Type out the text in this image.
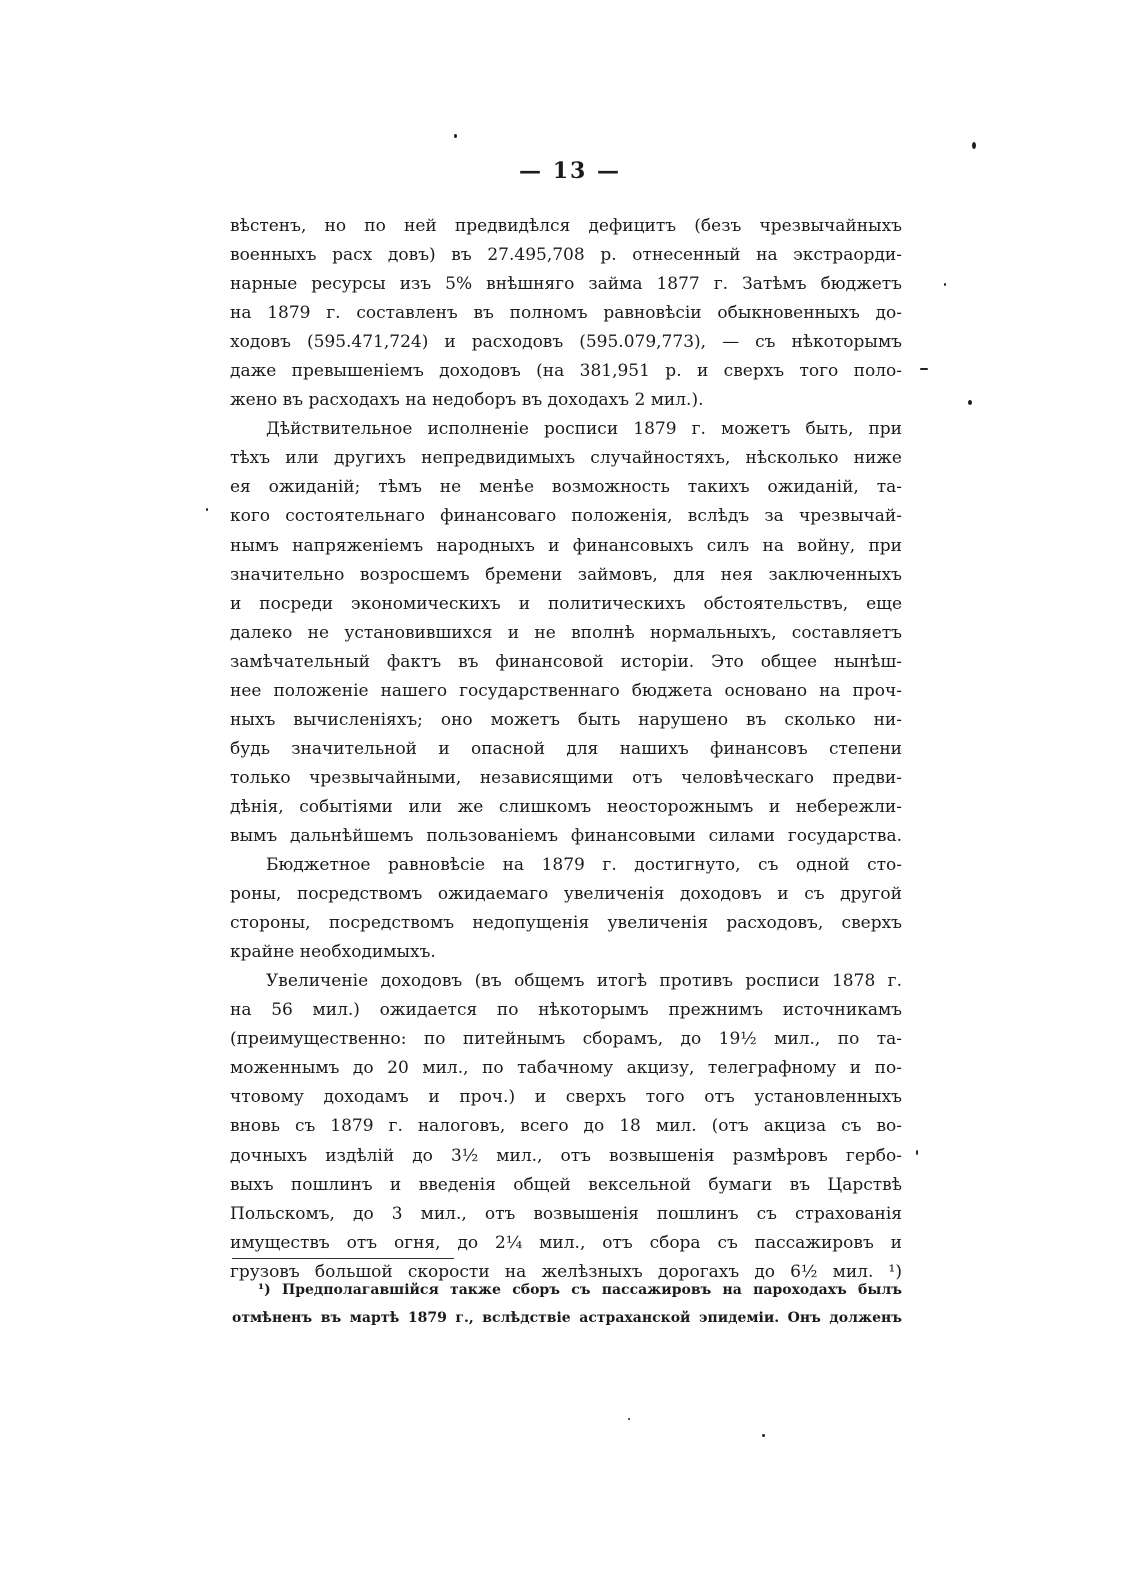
— 13 —
вѣстенъ, но по ней предвидѣлся дефицитъ (безъ чрезвычайныхъ
военныхъ расх довъ) въ 27.495,708 р. отнесенный на экстраорди-
нарные ресурсы изъ 5% внѣшняго займа 1877 г. Затѣмъ бюджетъ
на 1879 г. составленъ въ полномъ равновѣсіи обыкновенныхъ до-
ходовъ (595.471,724) и расходовъ (595.079,773), — съ нѣкоторымъ
даже превышеніемъ доходовъ (на 381,951 р. и сверхъ того поло-
жено въ расходахъ на недоборъ въ доходахъ 2 мил.).
Дѣйствительное исполненіе росписи 1879 г. можетъ быть, при
тѣхъ или другихъ непредвидимыхъ случайностяхъ, нѣсколько ниже
ея ожиданій; тѣмъ не менѣе возможность такихъ ожиданій, та-
кого состоятельнаго финансоваго положенія, вслѣдъ за чрезвычай-
нымъ напряженіемъ народныхъ и финансовыхъ силъ на войну, при
значительно возросшемъ бремени займовъ, для нея заключенныхъ
и посреди экономическихъ и политическихъ обстоятельствъ, еще
далеко не установившихся и не вполнѣ нормальныхъ, составляетъ
замѣчательный фактъ въ финансовой исторіи. Это общее нынѣш-
нее положеніе нашего государственнаго бюджета основано на проч-
ныхъ вычисленіяхъ; оно можетъ быть нарушено въ сколько ни-
будь значительной и опасной для нашихъ финансовъ степени
только чрезвычайными, независящими отъ человѣческаго предви-
дѣнія, событіями или же слишкомъ неосторожнымъ и небережли-
вымъ дальнѣйшемъ пользованіемъ финансовыми силами государства.
Бюджетное равновѣсіе на 1879 г. достигнуто, съ одной сто-
роны, посредствомъ ожидаемаго увеличенія доходовъ и съ другой
стороны, посредствомъ недопущенія увеличенія расходовъ, сверхъ
крайне необходимыхъ.
Увеличеніе доходовъ (въ общемъ итогѣ противъ росписи 1878 г.
на 56 мил.) ожидается по нѣкоторымъ прежнимъ источникамъ
(преимущественно: по питейнымъ сборамъ, до 19½ мил., по та-
моженнымъ до 20 мил., по табачному акцизу, телеграфному и по-
чтовому доходамъ и проч.) и сверхъ того отъ установленныхъ
вновь съ 1879 г. налоговъ, всего до 18 мил. (отъ акциза съ во-
дочныхъ издѣлій до 3½ мил., отъ возвышенія размѣровъ гербо-
выхъ пошлинъ и введенія общей вексельной бумаги въ Царствѣ
Польскомъ, до 3 мил., отъ возвышенія пошлинъ съ страхованія
имуществъ отъ огня, до 2¼ мил., отъ сбора съ пассажировъ и
грузовъ большой скорости на желѣзныхъ дорогахъ до 6½ мил. ¹)
¹) Предполагавшійся также сборъ съ пассажировъ на пароходахъ былъ
отмѣненъ въ мартѣ 1879 г., вслѣдствіе астраханской эпидеміи. Онъ долженъ
